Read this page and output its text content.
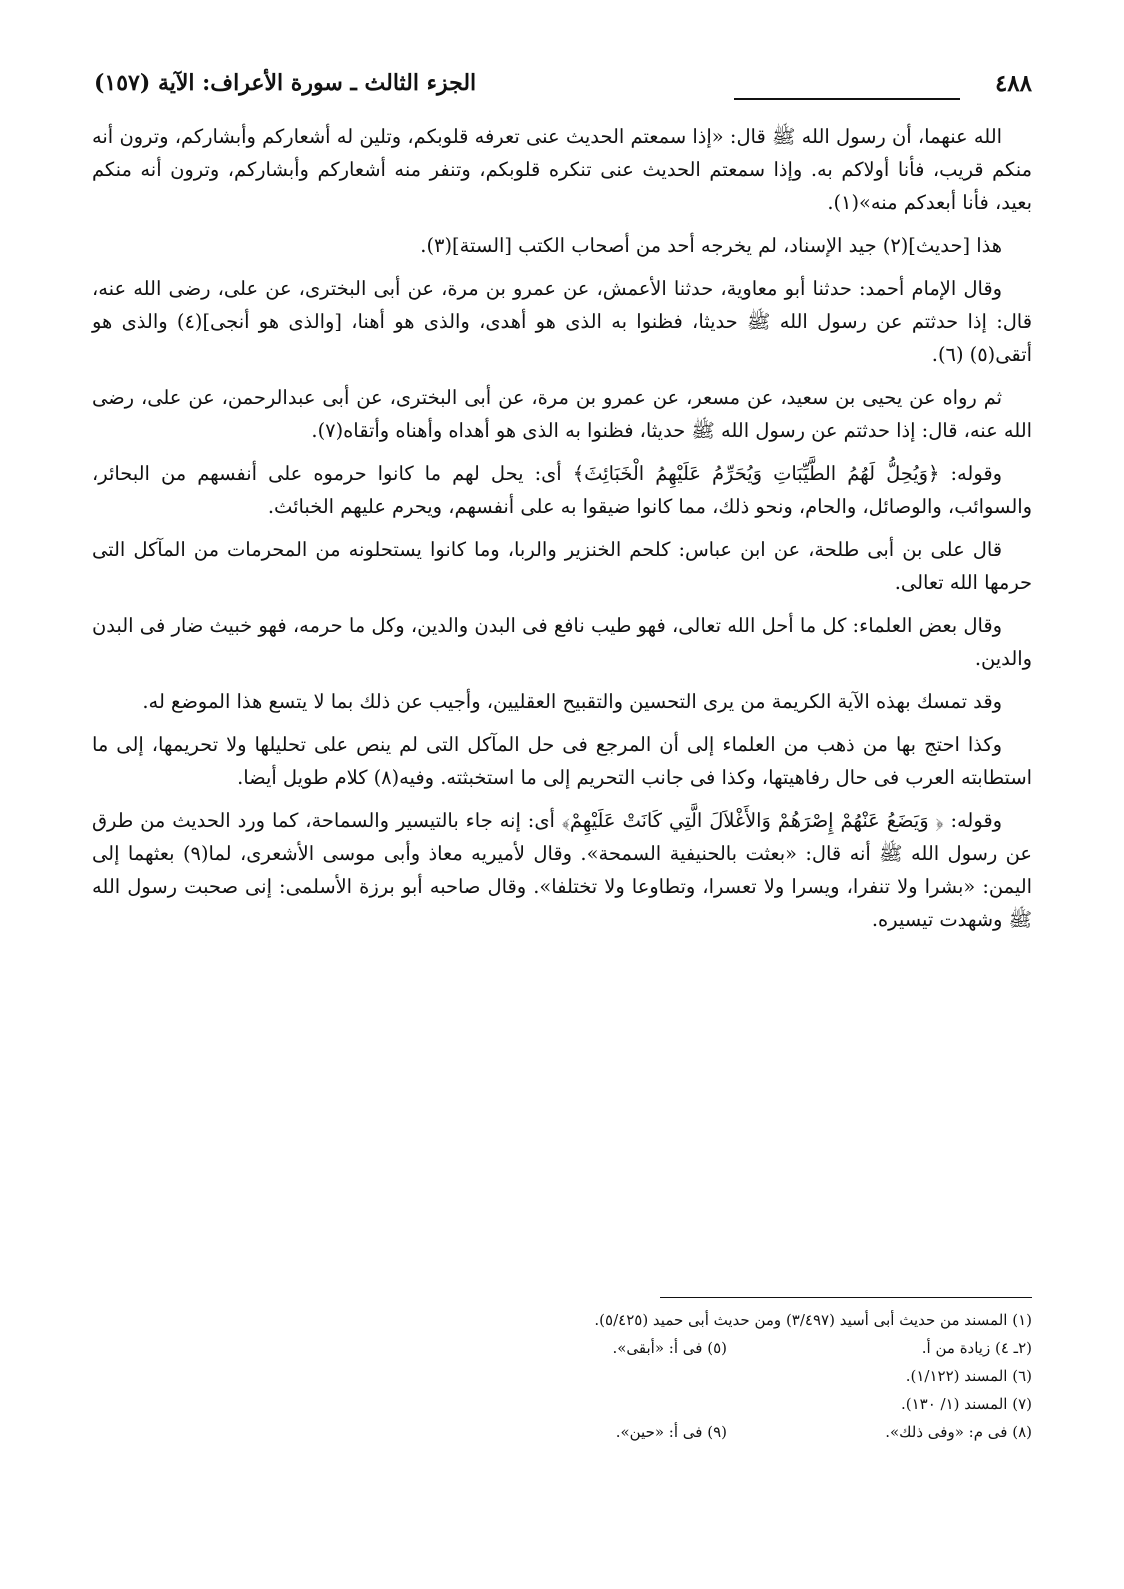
٤٨٨
الجزء الثالث ـ سورة الأعراف: الآية (١٥٧)

الله عنهما، أن رسول الله ﷺ قال: «إذا سمعتم الحديث عنى تعرفه قلوبكم، وتلين له أشعاركم وأبشاركم، وترون أنه منكم قريب، فأنا أولاكم به. وإذا سمعتم الحديث عنى تنكره قلوبكم، وتنفر منه أشعاركم وأبشاركم، وترون أنه منكم بعيد، فأنا أبعدكم منه»(١).

هذا [حديث](٢) جيد الإسناد، لم يخرجه أحد من أصحاب الكتب [الستة](٣).

وقال الإمام أحمد: حدثنا أبو معاوية، حدثنا الأعمش، عن عمرو بن مرة، عن أبى البخترى، عن على، رضى الله عنه، قال: إذا حدثتم عن رسول الله ﷺ حديثا، فظنوا به الذى هو أهدى، والذى هو أهنا، [والذى هو أنجى](٤) والذى هو أتقى(٥) (٦).

ثم رواه عن يحيى بن سعيد، عن مسعر، عن عمرو بن مرة، عن أبى البخترى، عن أبى عبدالرحمن، عن على، رضى الله عنه، قال: إذا حدثتم عن رسول الله ﷺ حديثا، فظنوا به الذى هو أهداه وأهناه وأتقاه(٧).

وقوله: ﴿وَيُحِلُّ لَهُمُ الطَّيِّبَاتِ وَيُحَرِّمُ عَلَيْهِمُ الْخَبَائِثَ﴾ أى: يحل لهم ما كانوا حرموه على أنفسهم من البحائر، والسوائب، والوصائل، والحام، ونحو ذلك، مما كانوا ضيقوا به على أنفسهم، ويحرم عليهم الخبائث.

قال على بن أبى طلحة، عن ابن عباس: كلحم الخنزير والربا، وما كانوا يستحلونه من المحرمات من المآكل التى حرمها الله تعالى.

وقال بعض العلماء: كل ما أحل الله تعالى، فهو طيب نافع فى البدن والدين، وكل ما حرمه، فهو خبيث ضار فى البدن والدين.

وقد تمسك بهذه الآية الكريمة من يرى التحسين والتقبيح العقليين، وأجيب عن ذلك بما لا يتسع هذا الموضع له.

وكذا احتج بها من ذهب من العلماء إلى أن المرجع فى حل المآكل التى لم ينص على تحليلها ولا تحريمها، إلى ما استطابته العرب فى حال رفاهيتها، وكذا فى جانب التحريم إلى ما استخبثته. وفيه(٨) كلام طويل أيضا.

وقوله: ﴿ وَيَضَعُ عَنْهُمْ إِصْرَهُمْ وَالأَغْلاَلَ الَّتِي كَانَتْ عَلَيْهِمْ﴾ أى: إنه جاء بالتيسير والسماحة، كما ورد الحديث من طرق عن رسول الله ﷺ أنه قال: «بعثت بالحنيفية السمحة». وقال لأميريه معاذ وأبى موسى الأشعرى، لما(٩) بعثهما إلى اليمن: «بشرا ولا تنفرا، ويسرا ولا تعسرا، وتطاوعا ولا تختلفا». وقال صاحبه أبو برزة الأسلمى: إنى صحبت رسول الله ﷺ وشهدت تيسيره.

(١) المسند من حديث أبى أسيد (٣/٤٩٧) ومن حديث أبى حميد (٥/٤٢٥).
(٢ـ ٤) زيادة من أ.
(٥) فى أ: «أبقى».
(٦) المسند (١/١٢٢).
(٧) المسند (١/ ١٣٠).
(٨) فى م: «وفى ذلك».
(٩) فى أ: «حين».
